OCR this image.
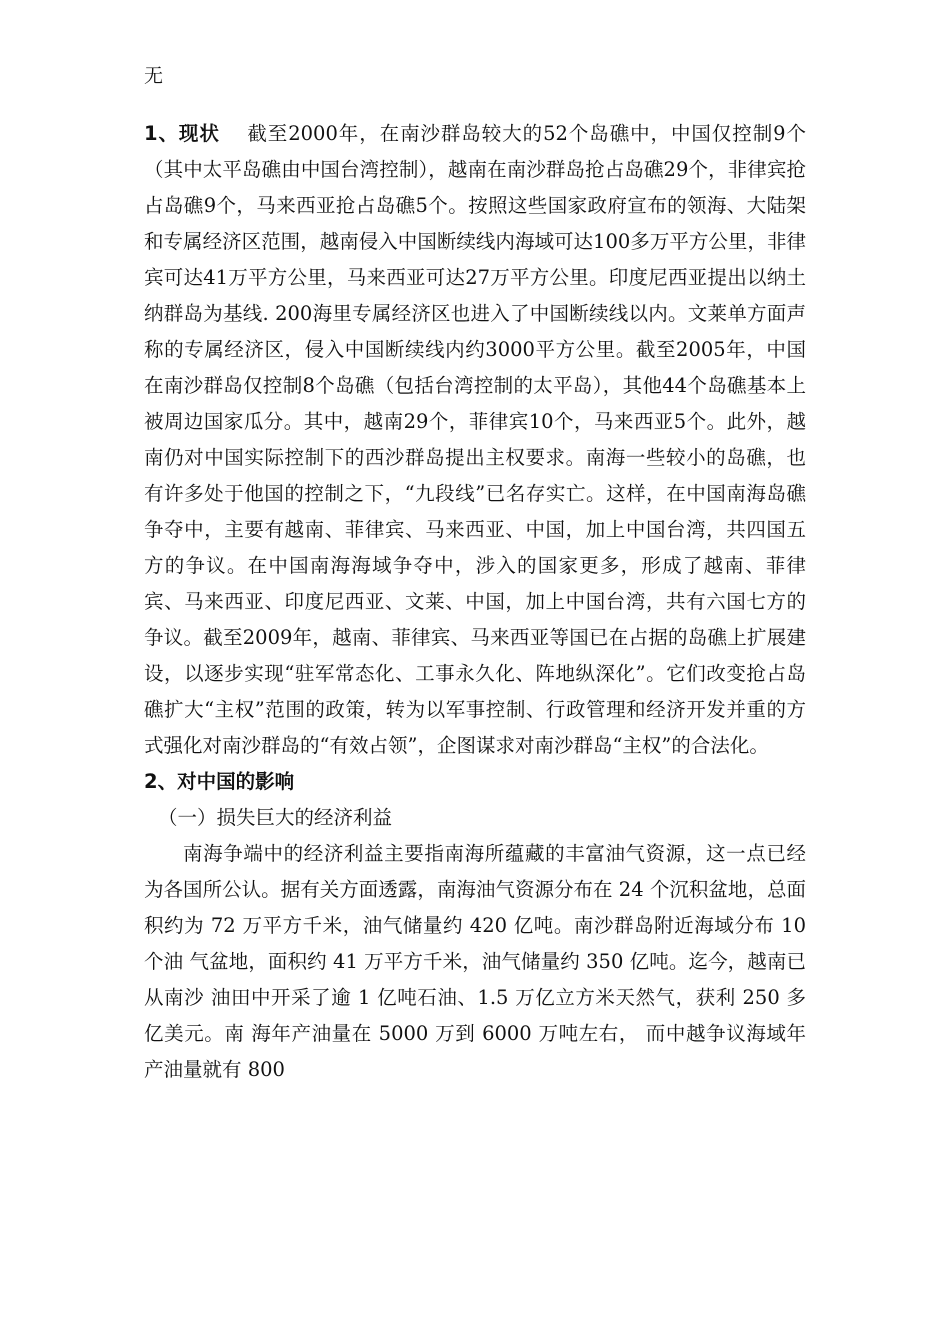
无

1、现状　 截至2000年，在南沙群岛较大的52个岛礁中，中国仅控制9个（其中太平岛礁由中国台湾控制），越南在南沙群岛抢占岛礁29个，非律宾抢占岛礁9个，马来西亚抢占岛礁5个。按照这些国家政府宣布的领海、大陆架和专属经济区范围，越南侵入中国断续线内海域可达100多万平方公里，非律宾可达41万平方公里，马来西亚可达27万平方公里。印度尼西亚提出以纳土纳群岛为基线. 200海里专属经济区也进入了中国断续线以内。文莱单方面声称的专属经济区，侵入中国断续线内约3000平方公里。截至2005年，中国在南沙群岛仅控制8个岛礁（包括台湾控制的太平岛），其他44个岛礁基本上被周边国家瓜分。其中，越南29个，菲律宾10个，马来西亚5个。此外，越南仍对中国实际控制下的西沙群岛提出主权要求。南海一些较小的岛礁，也有许多处于他国的控制之下，“九段线”已名存实亡。这样，在中国南海岛礁争夺中，主要有越南、菲律宾、马来西亚、中国，加上中国台湾，共四国五方的争议。在中国南海海域争夺中，涉入的国家更多，形成了越南、菲律宾、马来西亚、印度尼西亚、文莱、中国，加上中国台湾，共有六国七方的争议。截至2009年，越南、菲律宾、马来西亚等国已在占据的岛礁上扩展建设，以逐步实现“驻军常态化、工事永久化、阵地纵深化”。它们改变抢占岛礁扩大“主权”范围的政策，转为以军事控制、行政管理和经济开发并重的方式强化对南沙群岛的“有效占领”，企图谋求对南沙群岛“主权”的合法化。

2、对中国的影响

（一）损失巨大的经济利益

南海争端中的经济利益主要指南海所蕴藏的丰富油气资源，这一点已经为各国所公认。据有关方面透露，南海油气资源分布在 24 个沉积盆地，总面 积约为 72 万平方千米，油气储量约 420 亿吨。南沙群岛附近海域分布 10 个油 气盆地，面积约 41 万平方千米，油气储量约 350 亿吨。迄今，越南已从南沙 油田中开采了逾 1 亿吨石油、1.5 万亿立方米天然气，获利 250 多亿美元。南 海年产油量在 5000 万到 6000 万吨左右， 而中越争议海域年产油量就有 800
